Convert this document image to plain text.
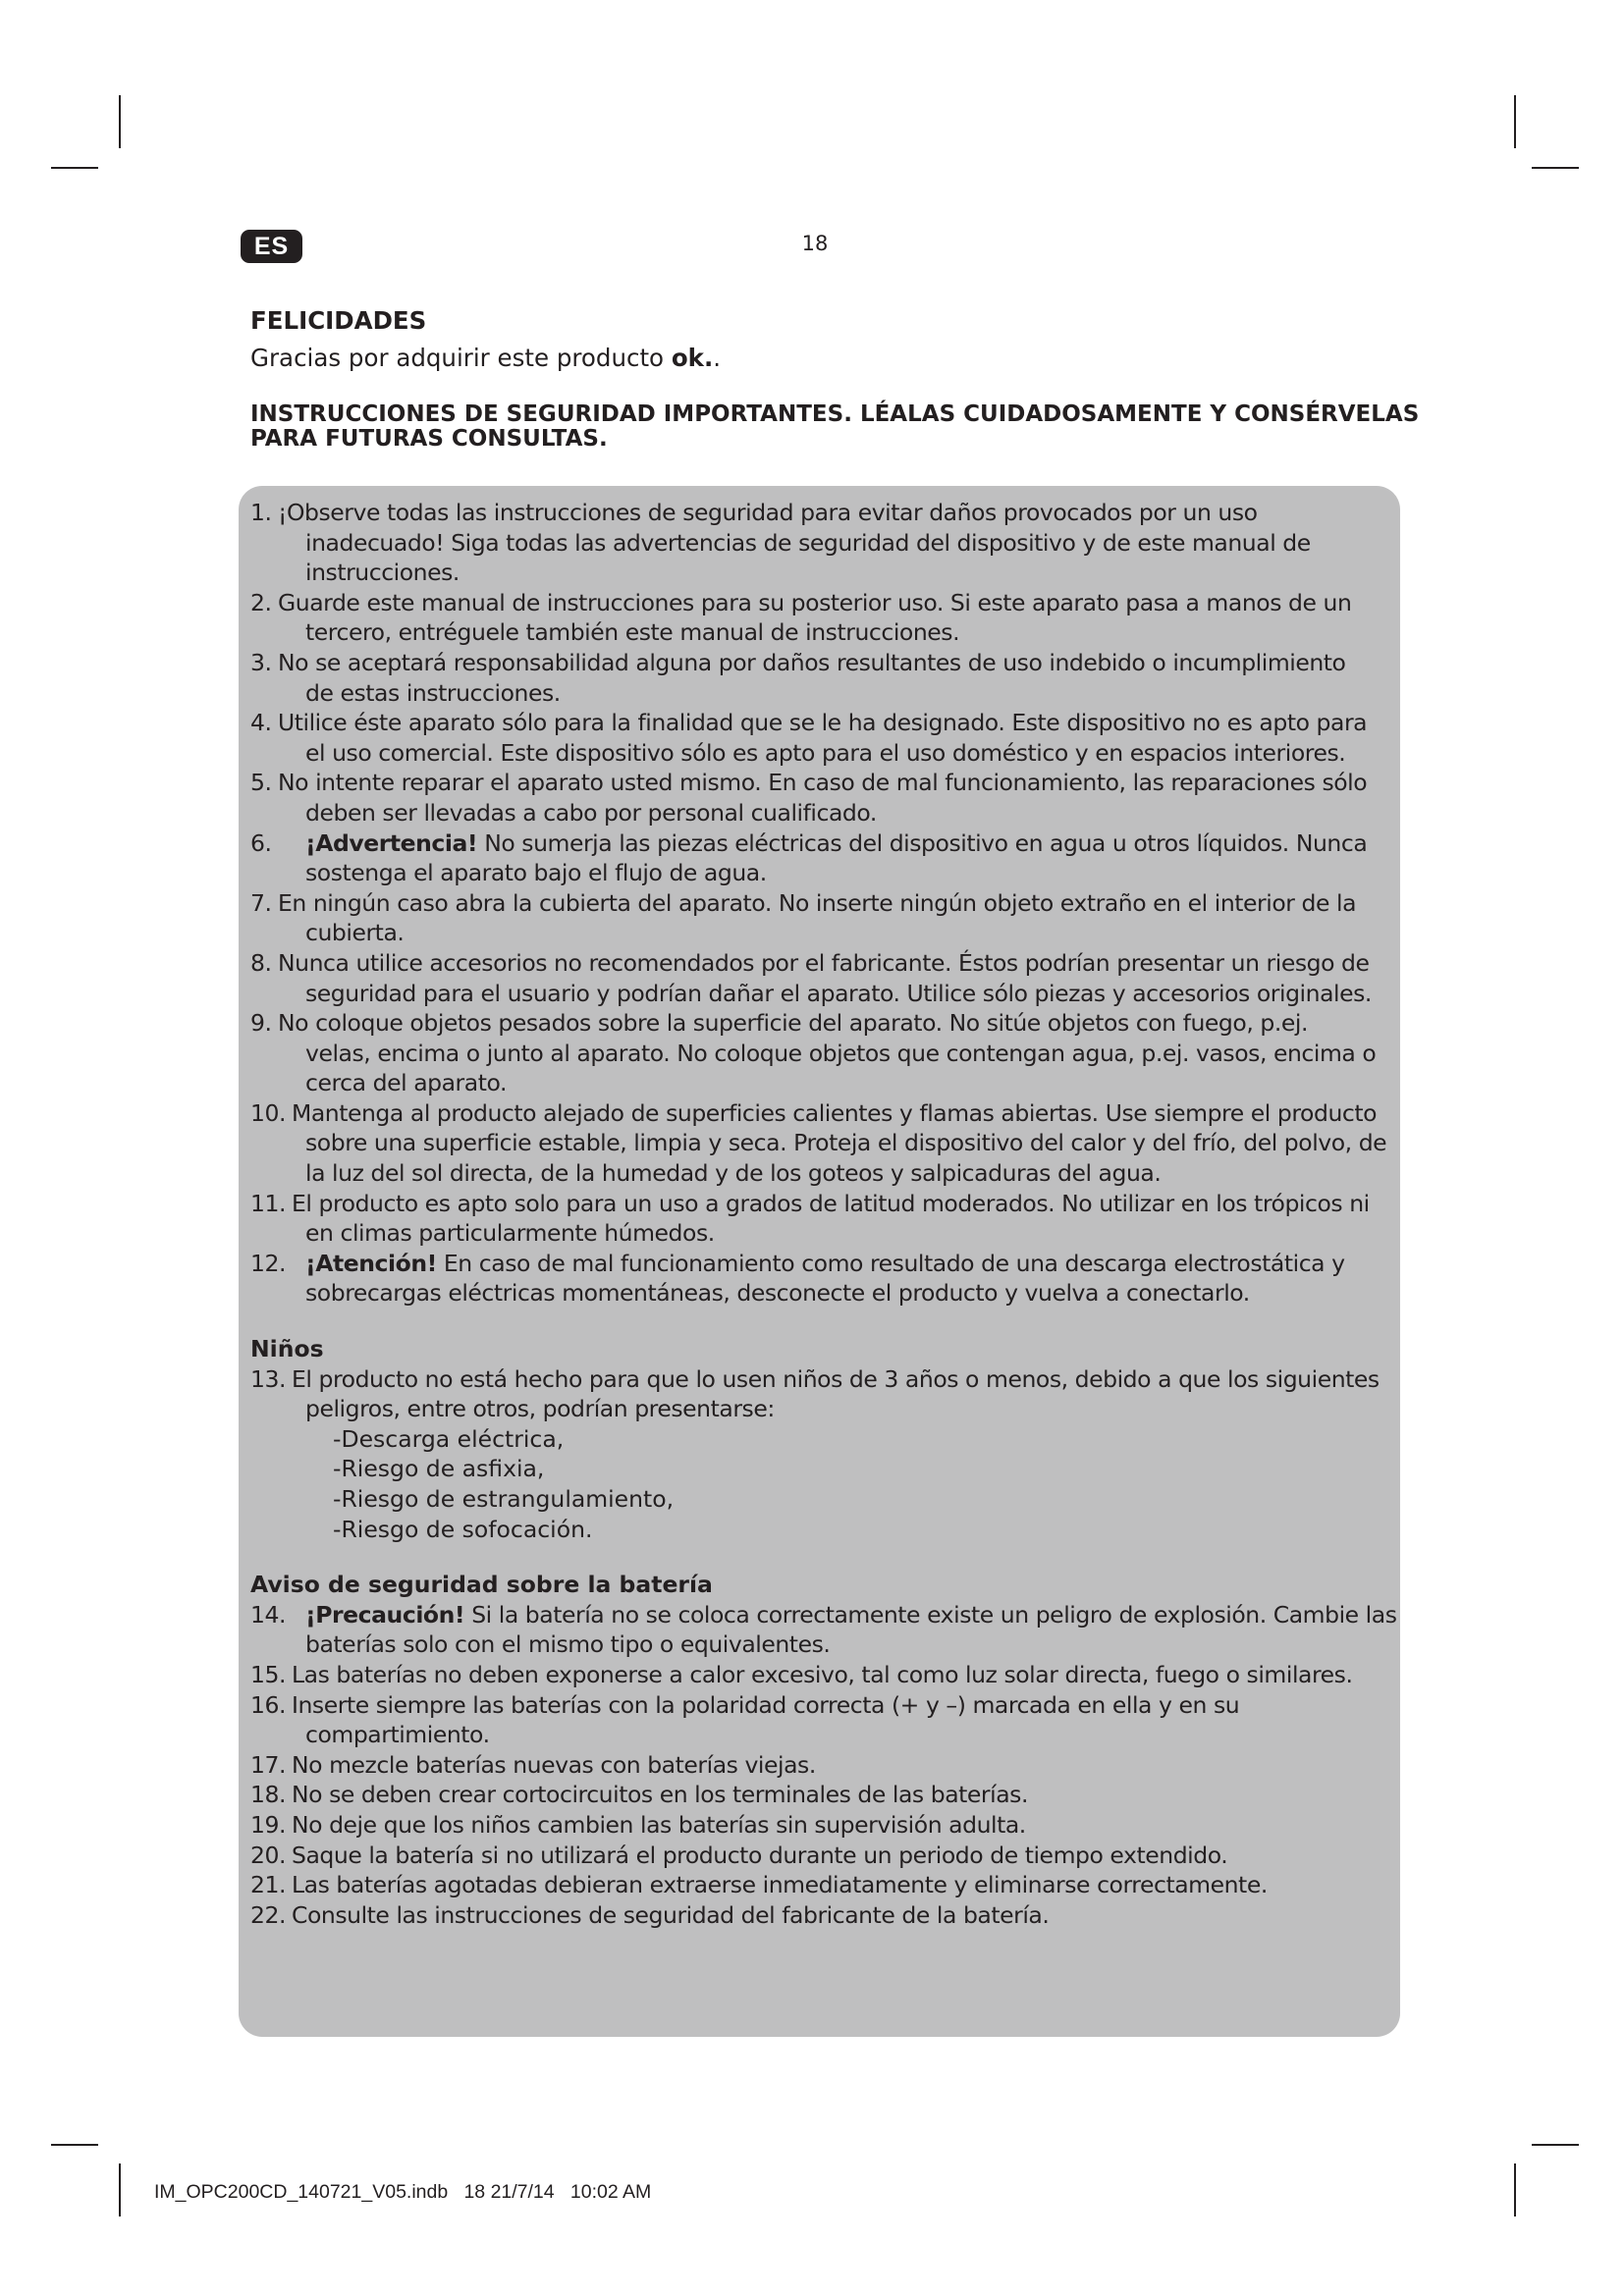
ES	18
FELICIDADES
Gracias por adquirir este producto ok..
INSTRUCCIONES DE SEGURIDAD IMPORTANTES. LÉALAS CUIDADOSAMENTE Y CONSÉRVELAS
PARA FUTURAS CONSULTAS.
1. ¡Observe todas las instrucciones de seguridad para evitar daños provocados por un uso
inadecuado! Siga todas las advertencias de seguridad del dispositivo y de este manual de
instrucciones.
2. Guarde este manual de instrucciones para su posterior uso. Si este aparato pasa a manos de un
tercero, entréguele también este manual de instrucciones.
3. No se aceptará responsabilidad alguna por daños resultantes de uso indebido o incumplimiento
de estas instrucciones.
4. Utilice éste aparato sólo para la finalidad que se le ha designado. Este dispositivo no es apto para
el uso comercial. Este dispositivo sólo es apto para el uso doméstico y en espacios interiores.
5. No intente reparar el aparato usted mismo. En caso de mal funcionamiento, las reparaciones sólo
deben ser llevadas a cabo por personal cualificado.
6. ¡Advertencia! No sumerja las piezas eléctricas del dispositivo en agua u otros líquidos. Nunca
sostenga el aparato bajo el flujo de agua.
7. En ningún caso abra la cubierta del aparato. No inserte ningún objeto extraño en el interior de la
cubierta.
8. Nunca utilice accesorios no recomendados por el fabricante. Éstos podrían presentar un riesgo de
seguridad para el usuario y podrían dañar el aparato. Utilice sólo piezas y accesorios originales.
9. No coloque objetos pesados sobre la superficie del aparato. No sitúe objetos con fuego, p.ej.
velas, encima o junto al aparato. No coloque objetos que contengan agua, p.ej. vasos, encima o
cerca del aparato.
10. Mantenga al producto alejado de superficies calientes y flamas abiertas. Use siempre el producto
sobre una superficie estable, limpia y seca. Proteja el dispositivo del calor y del frío, del polvo, de
la luz del sol directa, de la humedad y de los goteos y salpicaduras del agua.
11. El producto es apto solo para un uso a grados de latitud moderados. No utilizar en los trópicos ni
en climas particularmente húmedos.
12. ¡Atención! En caso de mal funcionamiento como resultado de una descarga electrostática y
sobrecargas eléctricas momentáneas, desconecte el producto y vuelva a conectarlo.
Niños
13. El producto no está hecho para que lo usen niños de 3 años o menos, debido a que los siguientes
peligros, entre otros, podrían presentarse:
-Descarga eléctrica,
-Riesgo de asfixia,
-Riesgo de estrangulamiento,
-Riesgo de sofocación.
Aviso de seguridad sobre la batería
14. ¡Precaución! Si la batería no se coloca correctamente existe un peligro de explosión. Cambie las
baterías solo con el mismo tipo o equivalentes.
15. Las baterías no deben exponerse a calor excesivo, tal como luz solar directa, fuego o similares.
16. Inserte siempre las baterías con la polaridad correcta (+ y –) marcada en ella y en su
compartimiento.
17. No mezcle baterías nuevas con baterías viejas.
18. No se deben crear cortocircuitos en los terminales de las baterías.
19. No deje que los niños cambien las baterías sin supervisión adulta.
20. Saque la batería si no utilizará el producto durante un periodo de tiempo extendido.
21. Las baterías agotadas debieran extraerse inmediatamente y eliminarse correctamente.
22. Consulte las instrucciones de seguridad del fabricante de la batería.
IM_OPC200CD_140721_V05.indb   18 21/7/14   10:02 AM
